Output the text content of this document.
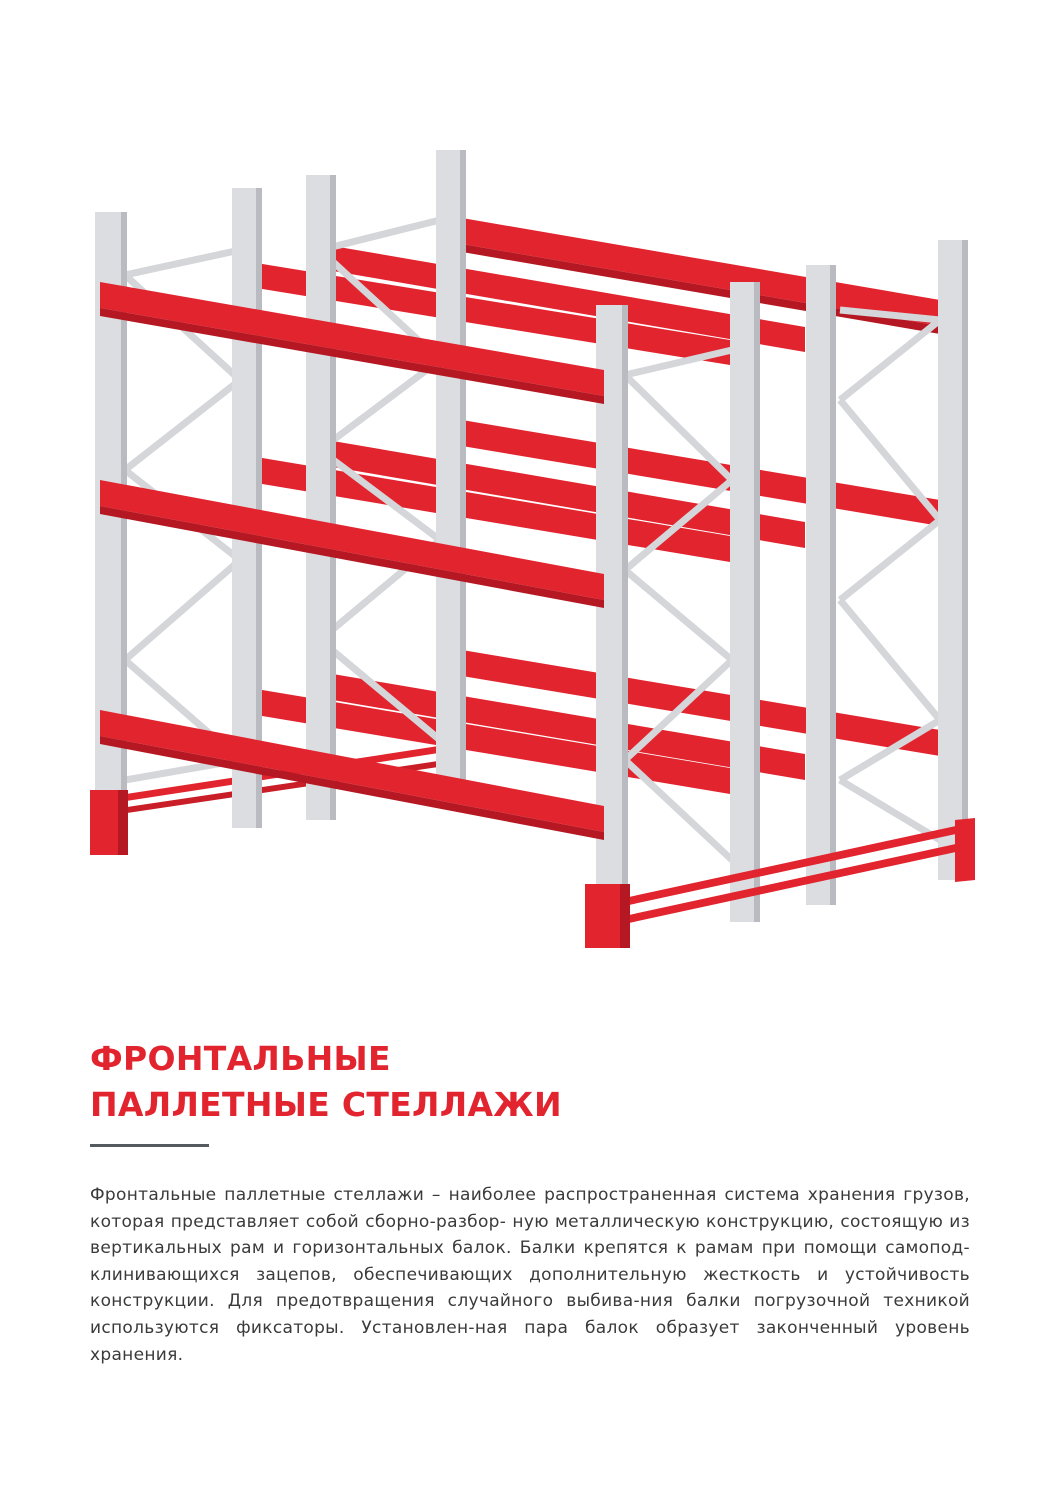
ФРОНТАЛЬНЫЕ
ПАЛЛЕТНЫЕ СТЕЛЛАЖИ

Фронтальные паллетные стеллажи – наиболее распространенная система хранения грузов, которая представляет собой сборно-разбор- ную металлическую конструкцию, состоящую из вертикальных рам и горизонтальных балок. Балки крепятся к рамам при помощи самопод-клинивающихся зацепов, обеспечивающих дополнительную жесткость и устойчивость конструкции. Для предотвращения случайного выбива-ния балки погрузочной техникой используются фиксаторы. Установлен-ная пара балок образует законченный уровень хранения.
